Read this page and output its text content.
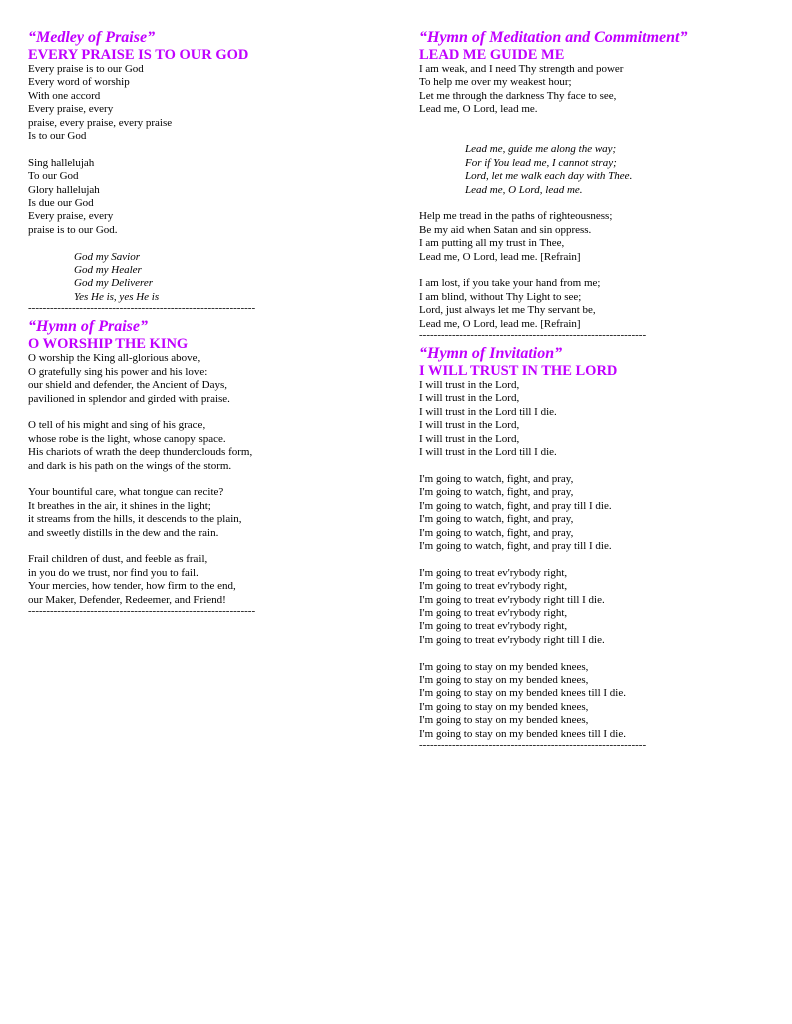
“Medley of Praise”
EVERY PRAISE IS TO OUR GOD
Every praise is to our God
Every word of worship
With one accord
Every praise, every
praise, every praise, every praise
Is to our God
Sing hallelujah
To our God
Glory hallelujah
Is due our God
Every praise, every
praise is to our God.
God my Savior
God my Healer
God my Deliverer
Yes He is, yes He is
--------------------------------------------------------------
“Hymn of Praise”
O WORSHIP THE KING
O worship the King all-glorious above,
O gratefully sing his power and his love:
our shield and defender, the Ancient of Days,
pavilioned in splendor and girded with praise.
O tell of his might and sing of his grace,
whose robe is the light, whose canopy space.
His chariots of wrath the deep thunderclouds form,
and dark is his path on the wings of the storm.
Your bountiful care, what tongue can recite?
It breathes in the air, it shines in the light;
it streams from the hills, it descends to the plain,
and sweetly distills in the dew and the rain.
Frail children of dust, and feeble as frail,
in you do we trust, nor find you to fail.
Your mercies, how tender, how firm to the end,
our Maker, Defender, Redeemer, and Friend!
--------------------------------------------------------------
“Hymn of Meditation and Commitment”
LEAD ME GUIDE ME
I am weak, and I need Thy strength and power
To help me over my weakest hour;
Let me through the darkness Thy face to see,
Lead me, O Lord, lead me.
Lead me, guide me along the way;
For if You lead me, I cannot stray;
Lord, let me walk each day with Thee.
Lead me, O Lord, lead me.
Help me tread in the paths of righteousness;
Be my aid when Satan and sin oppress.
I am putting all my trust in Thee,
Lead me, O Lord, lead me. [Refrain]
I am lost, if you take your hand from me;
I am blind, without Thy Light to see;
Lord, just always let me Thy servant be,
Lead me, O Lord, lead me. [Refrain]
--------------------------------------------------------------
“Hymn of Invitation”
I WILL TRUST IN THE LORD
I will trust in the Lord,
I will trust in the Lord,
I will trust in the Lord till I die.
I will trust in the Lord,
I will trust in the Lord,
I will trust in the Lord till I die.
I'm going to watch, fight, and pray,
I'm going to watch, fight, and pray,
I'm going to watch, fight, and pray till I die.
I'm going to watch, fight, and pray,
I'm going to watch, fight, and pray,
I'm going to watch, fight, and pray till I die.
I'm going to treat ev'rybody right,
I'm going to treat ev'rybody right,
I'm going to treat ev'rybody right till I die.
I'm going to treat ev'rybody right,
I'm going to treat ev'rybody right,
I'm going to treat ev'rybody right till I die.
I'm going to stay on my bended knees,
I'm going to stay on my bended knees,
I'm going to stay on my bended knees till I die.
I'm going to stay on my bended knees,
I'm going to stay on my bended knees,
I'm going to stay on my bended knees till I die.
--------------------------------------------------------------
